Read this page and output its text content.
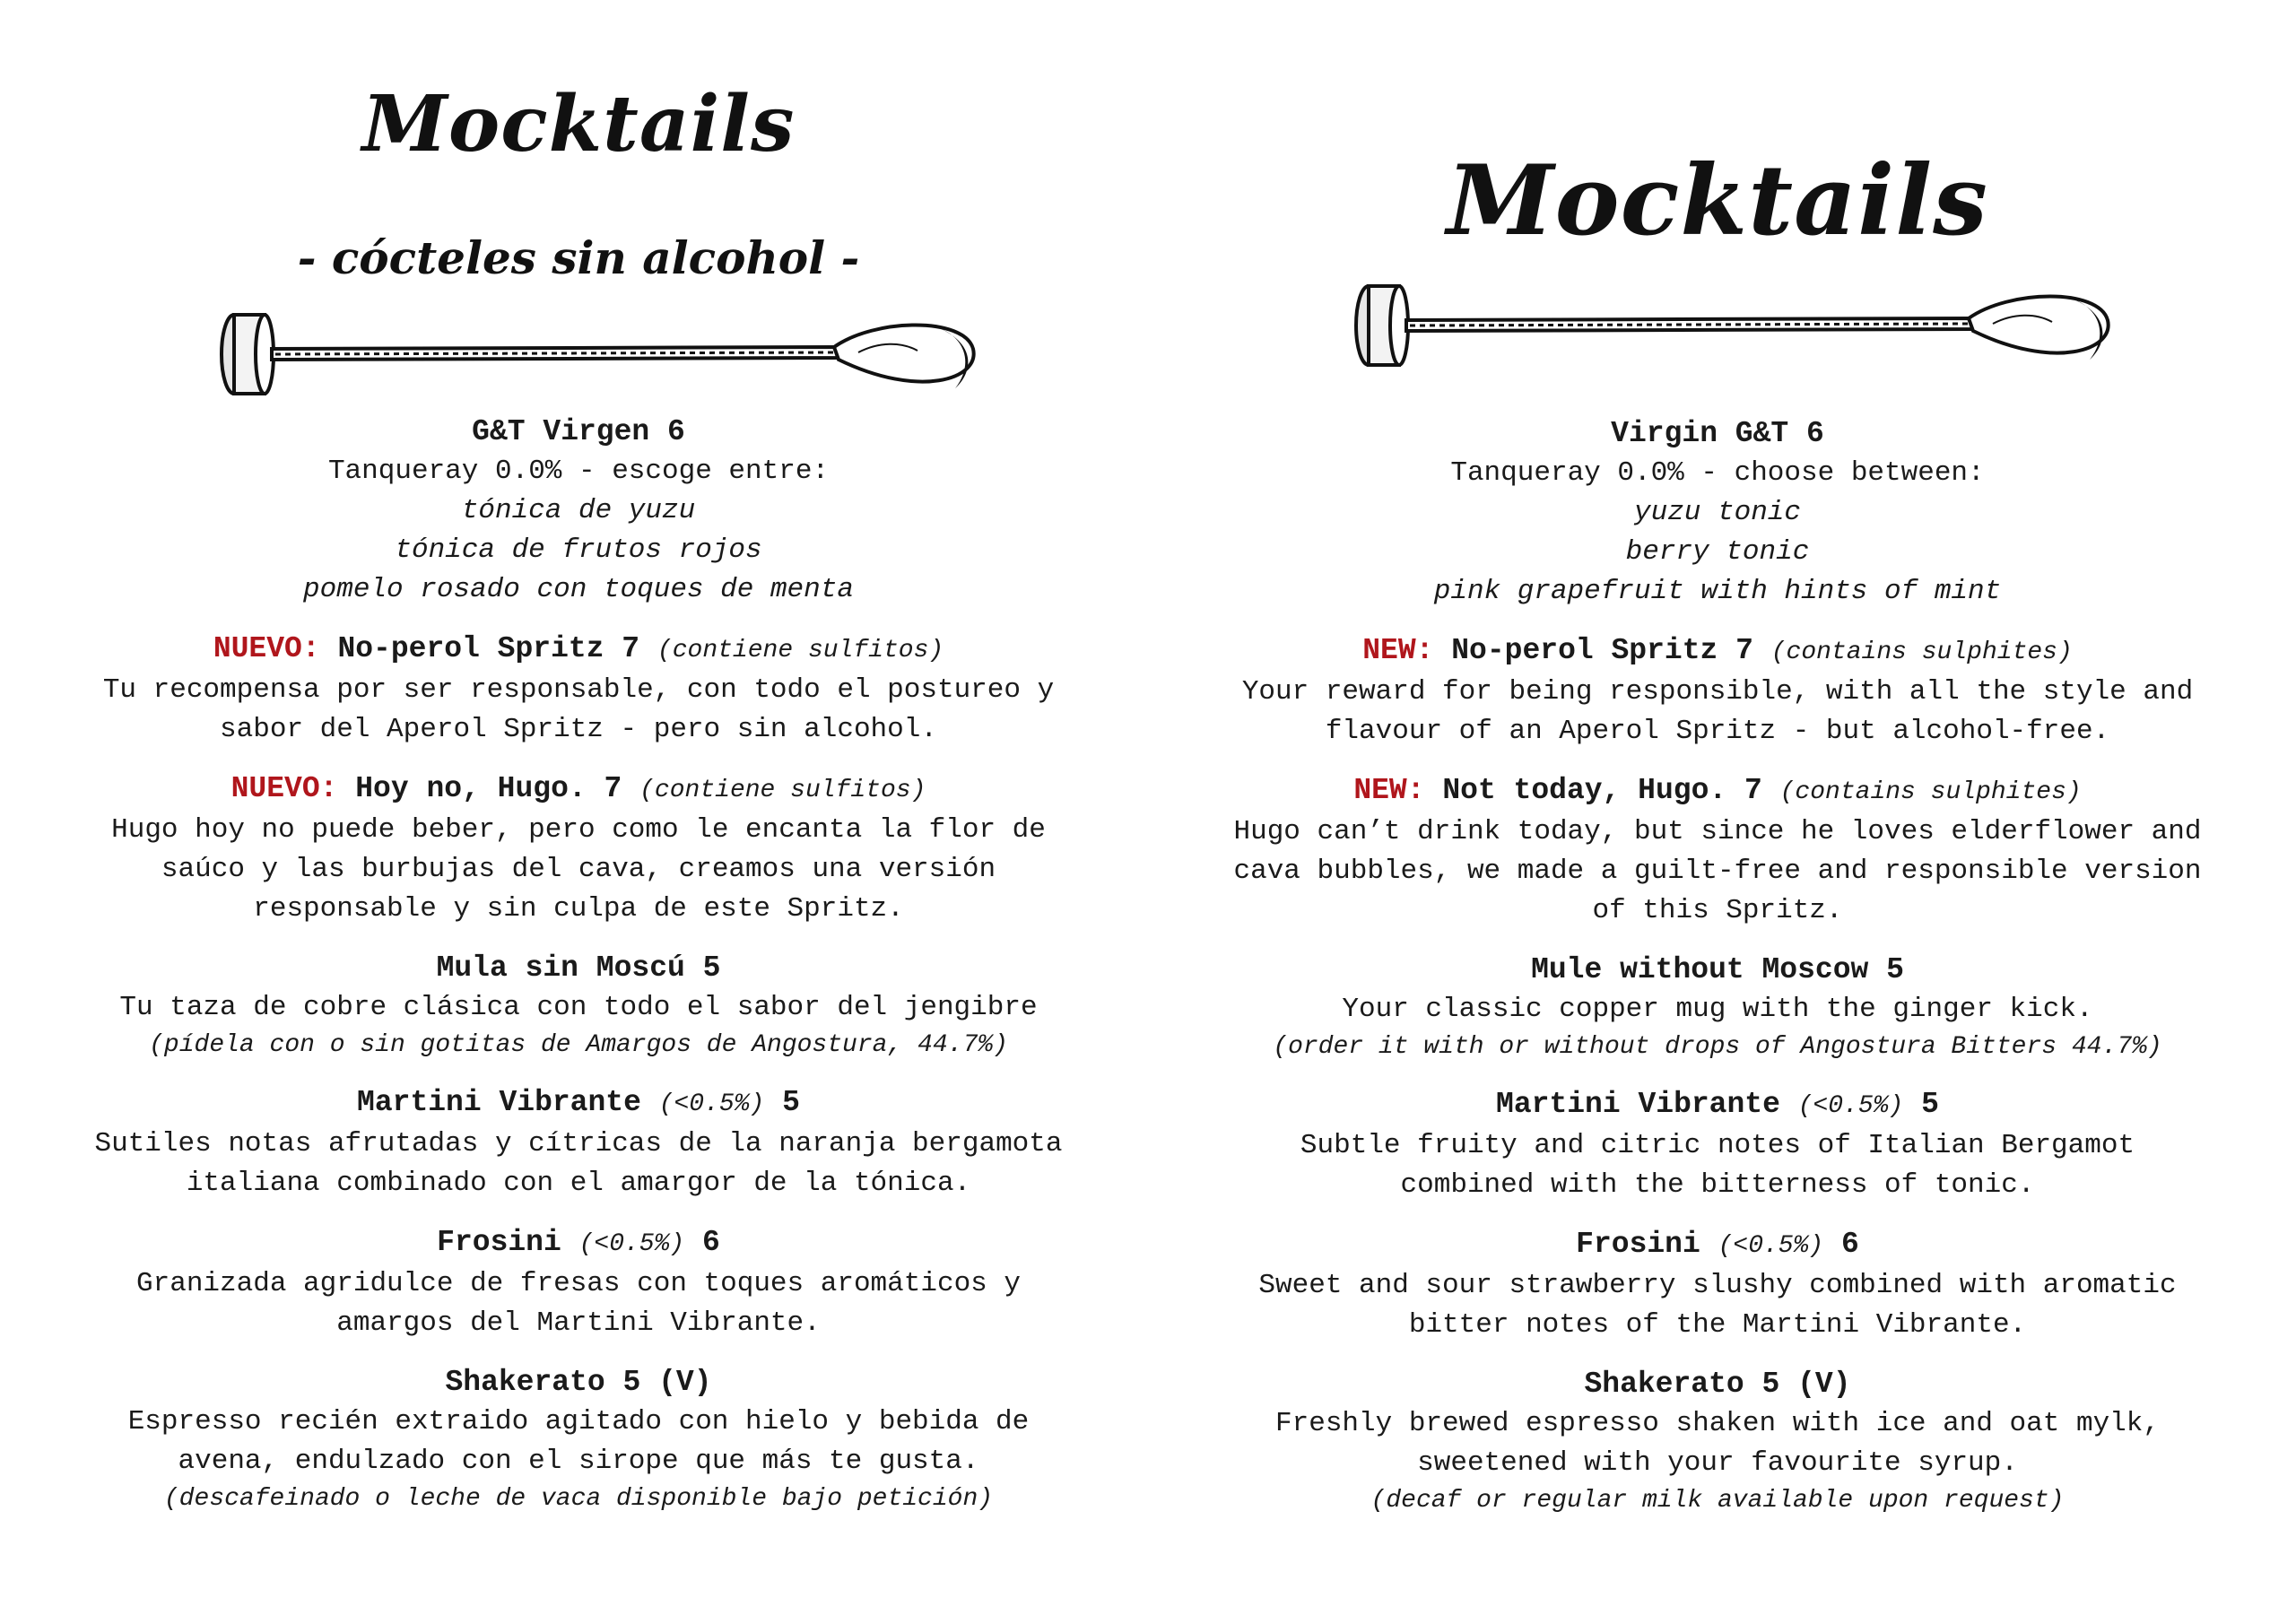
Mocktails

- cócteles sin alcohol -

G&T Virgen 6
Tanqueray 0.0% - escoge entre:
tónica de yuzu
tónica de frutos rojos
pomelo rosado con toques de menta
NUEVO: No-perol Spritz 7 (contiene sulfitos)
Tu recompensa por ser responsable, con todo el postureo y
sabor del Aperol Spritz - pero sin alcohol.
NUEVO: Hoy no, Hugo. 7 (contiene sulfitos)
Hugo hoy no puede beber, pero como le encanta la flor de
saúco y las burbujas del cava, creamos una versión
responsable y sin culpa de este Spritz.
Mula sin Moscú 5
Tu taza de cobre clásica con todo el sabor del jengibre
(pídela con o sin gotitas de Amargos de Angostura, 44.7%)
Martini Vibrante (<0.5%) 5
Sutiles notas afrutadas y cítricas de la naranja bergamota
italiana combinado con el amargor de la tónica.
Frosini (<0.5%) 6
Granizada agridulce de fresas con toques aromáticos y
amargos del Martini Vibrante.
Shakerato 5 (V)
Espresso recién extraido agitado con hielo y bebida de
avena, endulzado con el sirope que más te gusta.
(descafeinado o leche de vaca disponible bajo petición)
Mocktails
Virgin G&T 6
Tanqueray 0.0% - choose between:
yuzu tonic
berry tonic
pink grapefruit with hints of mint
NEW: No-perol Spritz 7 (contains sulphites)
Your reward for being responsible, with all the style and
flavour of an Aperol Spritz - but alcohol-free.
NEW: Not today, Hugo. 7 (contains sulphites)
Hugo can’t drink today, but since he loves elderflower and
cava bubbles, we made a guilt-free and responsible version
of this Spritz.
Mule without Moscow 5
Your classic copper mug with the ginger kick.
(order it with or without drops of Angostura Bitters 44.7%)
Martini Vibrante (<0.5%) 5
Subtle fruity and citric notes of Italian Bergamot
combined with the bitterness of tonic.
Frosini (<0.5%) 6
Sweet and sour strawberry slushy combined with aromatic
bitter notes of the Martini Vibrante.
Shakerato 5 (V)
Freshly brewed espresso shaken with ice and oat mylk,
sweetened with your favourite syrup.
(decaf or regular milk available upon request)
